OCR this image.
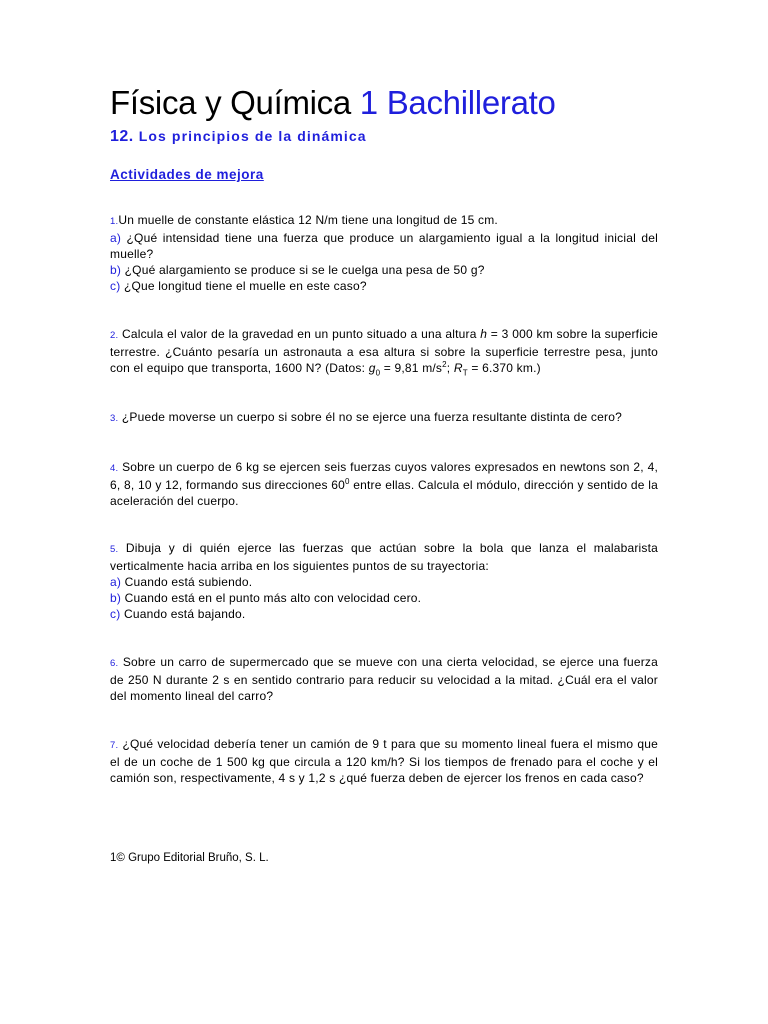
Física y Química 1 Bachillerato
12. Los principios de la dinámica
Actividades de mejora

1.Un muelle de constante elástica 12 N/m tiene una longitud de 15 cm.

a) ¿Qué intensidad tiene una fuerza que produce un alargamiento igual a la longitud inicial del muelle?

b) ¿Qué alargamiento se produce si se le cuelga una pesa de 50 g?

c) ¿Que longitud tiene el muelle en este caso?

2. Calcula el valor de la gravedad en un punto situado a una altura h = 3 000 km sobre la superficie terrestre. ¿Cuánto pesaría un astronauta a esa altura si sobre la superficie terrestre pesa, junto con el equipo que transporta, 1600 N? (Datos: $g_0 = 9,81$ $m/s^2$; $R_T = 6.370$ km.)

3. ¿Puede moverse un cuerpo si sobre él no se ejerce una fuerza resultante distinta de cero?

4. Sobre un cuerpo de 6 kg se ejercen seis fuerzas cuyos valores expresados en newtons son 2, 4, 6, 8, 10 y 12, formando sus direcciones $60^0$ entre ellas. Calcula el módulo, dirección y sentido de la aceleración del cuerpo.

5. Dibuja y di quién ejerce las fuerzas que actúan sobre la bola que lanza el malabarista verticalmente hacia arriba en los siguientes puntos de su trayectoria:

a) Cuando está subiendo.

b) Cuando está en el punto más alto con velocidad cero.

c) Cuando está bajando.

6. Sobre un carro de supermercado que se mueve con una cierta velocidad, se ejerce una fuerza de 250 N durante 2 s en sentido contrario para reducir su velocidad a la mitad. ¿Cuál era el valor del momento lineal del carro?

7. ¿Qué velocidad debería tener un camión de 9 t para que su momento lineal fuera el mismo que el de un coche de 1 500 kg que circula a 120 km/h? Si los tiempos de frenado para el coche y el camión son, respectivamente, 4 s y 1,2 s ¿qué fuerza deben de ejercer los frenos en cada caso?

1© Grupo Editorial Bruño, S. L.
